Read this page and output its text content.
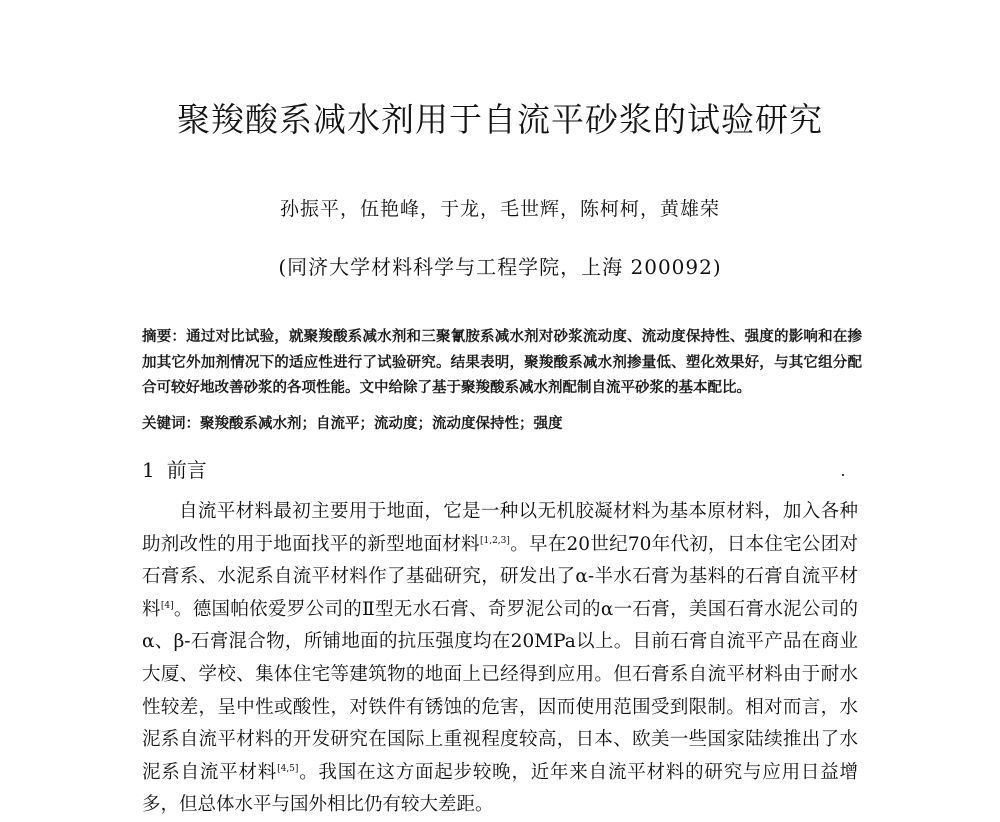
聚羧酸系减水剂用于自流平砂浆的试验研究
孙振平，伍艳峰，于龙，毛世辉，陈柯柯，黄雄荣
(同济大学材料科学与工程学院，上海 200092)
摘要：通过对比试验，就聚羧酸系减水剂和三聚氰胺系减水剂对砂浆流动度、流动度保持性、强度的影响和在掺加其它外加剂情况下的适应性进行了试验研究。结果表明，聚羧酸系减水剂掺量低、塑化效果好，与其它组分配合可较好地改善砂浆的各项性能。文中给除了基于聚羧酸系减水剂配制自流平砂浆的基本配比。
关键词：聚羧酸系减水剂；自流平；流动度；流动度保持性；强度
1 前言
自流平材料最初主要用于地面，它是一种以无机胶凝材料为基本原材料，加入各种助剂改性的用于地面找平的新型地面材料[1,2,3]。早在20世纪70年代初，日本住宅公团对石膏系、水泥系自流平材料作了基础研究，研发出了α-半水石膏为基料的石膏自流平材料[4]。德国帕依爱罗公司的Ⅱ型无水石膏、奇罗泥公司的α一石膏，美国石膏水泥公司的α、β-石膏混合物，所铺地面的抗压强度均在20MPa以上。目前石膏自流平产品在商业大厦、学校、集体住宅等建筑物的地面上已经得到应用。但石膏系自流平材料由于耐水性较差，呈中性或酸性，对铁件有锈蚀的危害，因而使用范围受到限制。相对而言，水泥系自流平材料的开发研究在国际上重视程度较高，日本、欧美一些国家陆续推出了水泥系自流平材料[4,5]。我国在这方面起步较晚，近年来自流平材料的研究与应用日益增多，但总体水平与国外相比仍有较大差距。
